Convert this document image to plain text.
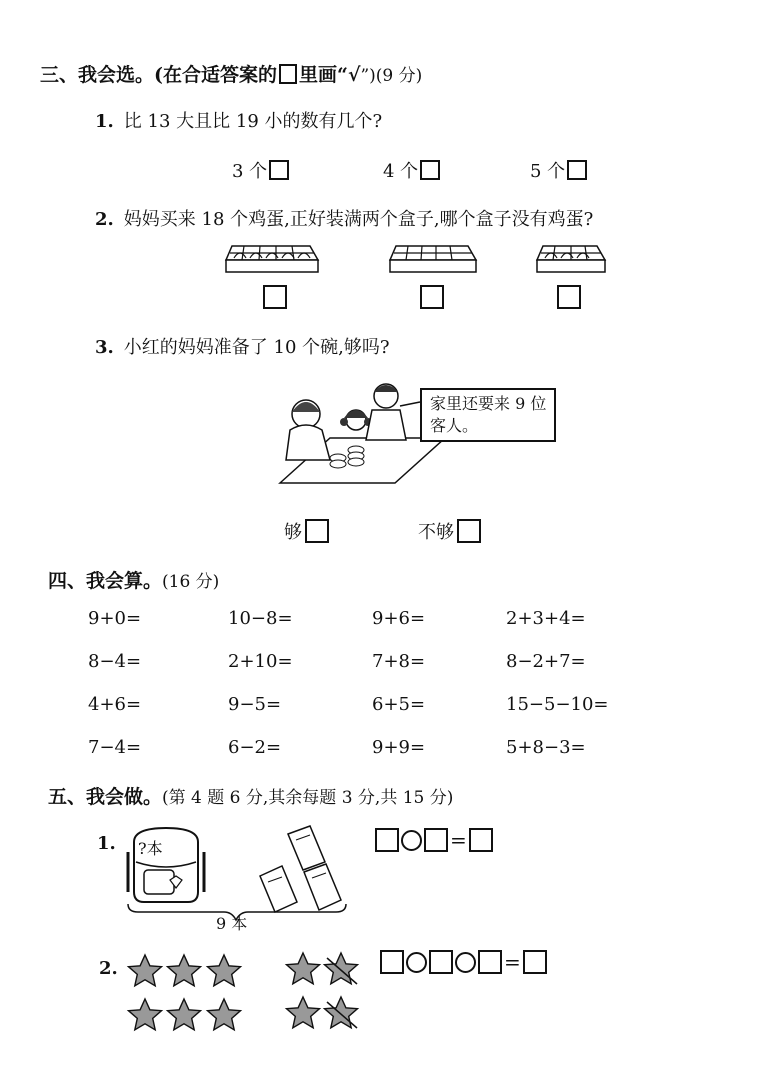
三、我会选。(在合适答案的 里画“√”)(9 分)
1. 比 13 大且比 19 小的数有几个?
3 个	4 个	5 个
2. 妈妈买来 18 个鸡蛋,正好装满两个盒子,哪个盒子没有鸡蛋?
3. 小红的妈妈准备了 10 个碗,够吗?
家里还要来 9 位
客人。
够	不够
四、我会算。(16 分)
9+0=	10−8=	9+6=	2+3+4=
8−4=	2+10=	7+8=	8−2+7=
4+6=	9−5=	6+5=	15−5−10=
7−4=	6−2=	9+9=	5+8−3=
五、我会做。(第 4 题 6 分,其余每题 3 分,共 15 分)
1.	?本
9 本
=
2.	=
